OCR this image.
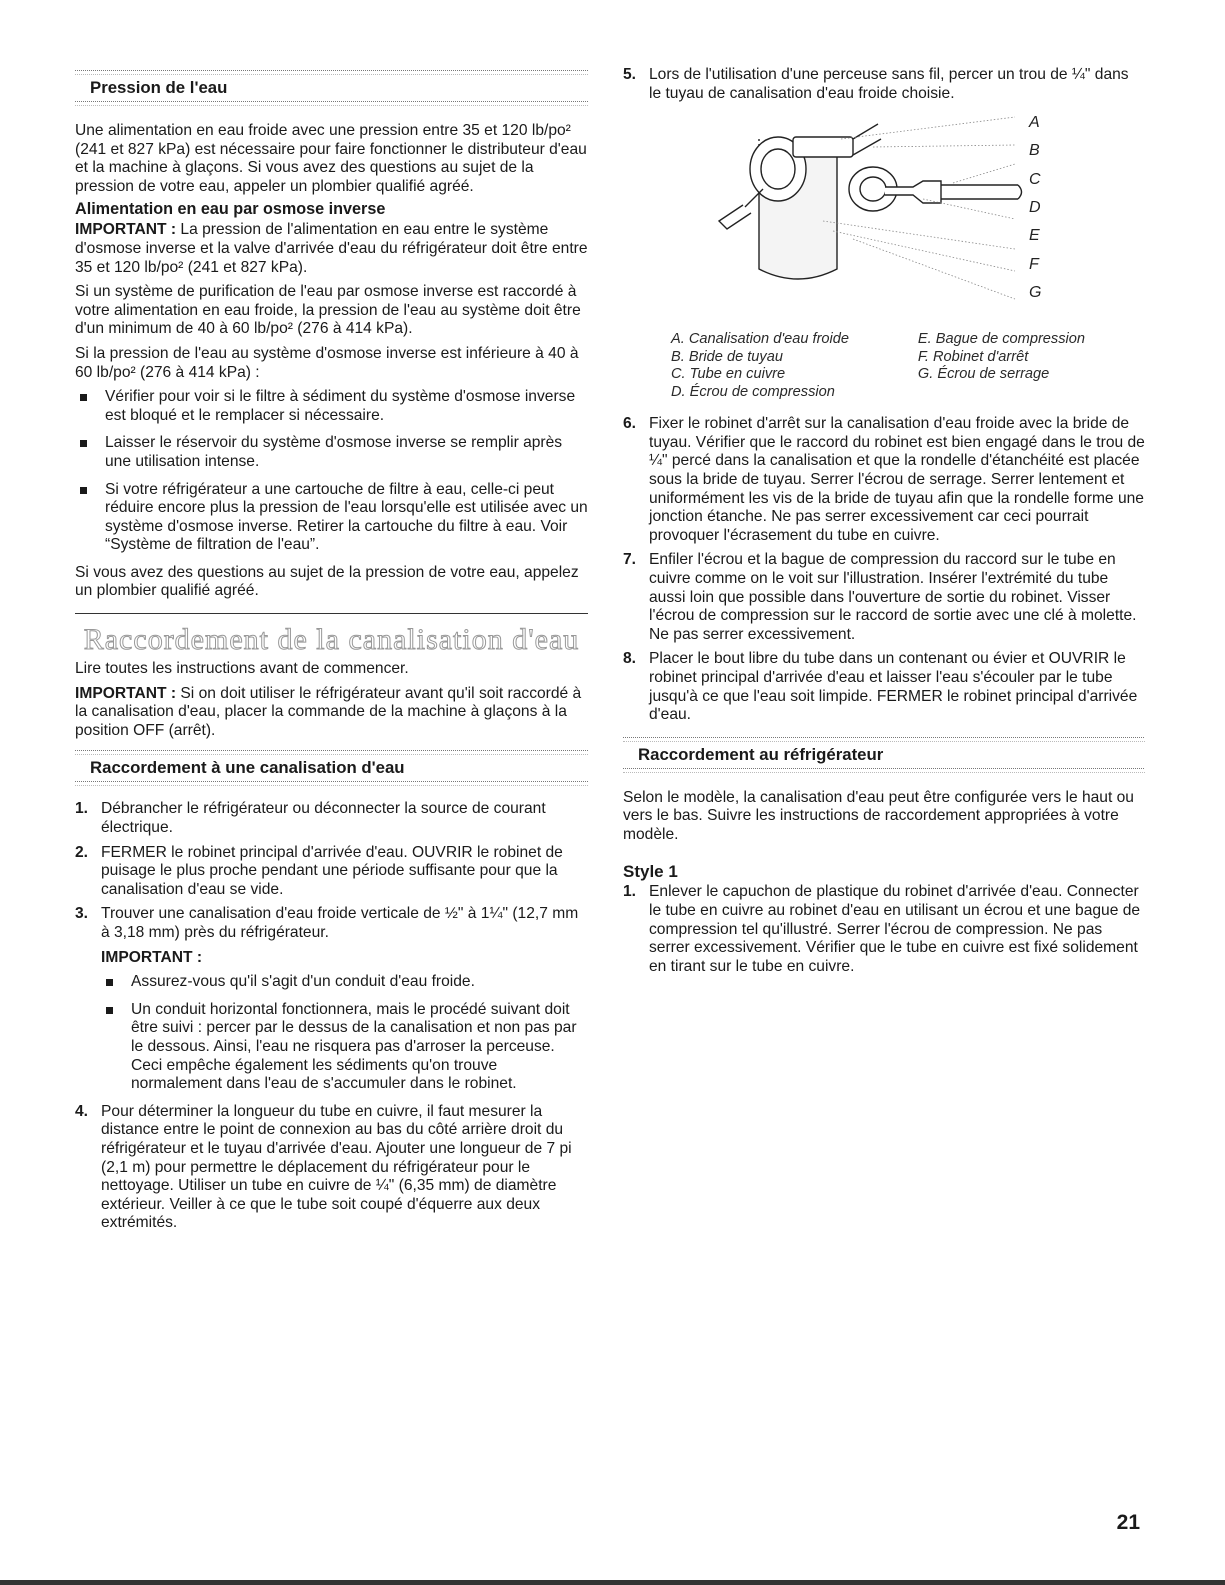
Pression de l'eau

Une alimentation en eau froide avec une pression entre 35 et 120 lb/po² (241 et 827 kPa) est nécessaire pour faire fonctionner le distributeur d'eau et la machine à glaçons. Si vous avez des questions au sujet de la pression de votre eau, appeler un plombier qualifié agréé.

Alimentation en eau par osmose inverse

IMPORTANT : La pression de l'alimentation en eau entre le système d'osmose inverse et la valve d'arrivée d'eau du réfrigérateur doit être entre 35 et 120 lb/po² (241 et 827 kPa).

Si un système de purification de l'eau par osmose inverse est raccordé à votre alimentation en eau froide, la pression de l'eau au système doit être d'un minimum de 40 à 60 lb/po² (276 à 414 kPa).

Si la pression de l'eau au système d'osmose inverse est inférieure à 40 à 60 lb/po² (276 à 414 kPa) :

Vérifier pour voir si le filtre à sédiment du système d'osmose inverse est bloqué et le remplacer si nécessaire.
Laisser le réservoir du système d'osmose inverse se remplir après une utilisation intense.
Si votre réfrigérateur a une cartouche de filtre à eau, celle-ci peut réduire encore plus la pression de l'eau lorsqu'elle est utilisée avec un système d'osmose inverse. Retirer la cartouche du filtre à eau. Voir “Système de filtration de l'eau”.

Si vous avez des questions au sujet de la pression de votre eau, appelez un plombier qualifié agréé.

Raccordement de la canalisation d'eau

Lire toutes les instructions avant de commencer.

IMPORTANT : Si on doit utiliser le réfrigérateur avant qu'il soit raccordé à la canalisation d'eau, placer la commande de la machine à glaçons à la position OFF (arrêt).

Raccordement à une canalisation d'eau
1. Débrancher le réfrigérateur ou déconnecter la source de courant électrique.
2. FERMER le robinet principal d'arrivée d'eau. OUVRIR le robinet de puisage le plus proche pendant une période suffisante pour que la canalisation d'eau se vide.
3. Trouver une canalisation d'eau froide verticale de ½" à 1¼" (12,7 mm à 3,18 mm) près du réfrigérateur.
IMPORTANT :
Assurez-vous qu'il s'agit d'un conduit d'eau froide.
Un conduit horizontal fonctionnera, mais le procédé suivant doit être suivi : percer par le dessus de la canalisation et non pas par le dessous. Ainsi, l'eau ne risquera pas d'arroser la perceuse. Ceci empêche également les sédiments qu'on trouve normalement dans l'eau de s'accumuler dans le robinet.
4. Pour déterminer la longueur du tube en cuivre, il faut mesurer la distance entre le point de connexion au bas du côté arrière droit du réfrigérateur et le tuyau d'arrivée d'eau. Ajouter une longueur de 7 pi (2,1 m) pour permettre le déplacement du réfrigérateur pour le nettoyage. Utiliser un tube en cuivre de ¼" (6,35 mm) de diamètre extérieur. Veiller à ce que le tube soit coupé d'équerre aux deux extrémités.
5. Lors de l'utilisation d'une perceuse sans fil, percer un trou de ¼" dans le tuyau de canalisation d'eau froide choisie.
A
B
C
D
E
F
G
A. Canalisation d'eau froide
B. Bride de tuyau
C. Tube en cuivre
D. Écrou de compression
E. Bague de compression
F. Robinet d'arrêt
G. Écrou de serrage
6. Fixer le robinet d'arrêt sur la canalisation d'eau froide avec la bride de tuyau. Vérifier que le raccord du robinet est bien engagé dans le trou de ¼" percé dans la canalisation et que la rondelle d'étanchéité est placée sous la bride de tuyau. Serrer l'écrou de serrage. Serrer lentement et uniformément les vis de la bride de tuyau afin que la rondelle forme une jonction étanche. Ne pas serrer excessivement car ceci pourrait provoquer l'écrasement du tube en cuivre.
7. Enfiler l'écrou et la bague de compression du raccord sur le tube en cuivre comme on le voit sur l'illustration. Insérer l'extrémité du tube aussi loin que possible dans l'ouverture de sortie du robinet. Visser l'écrou de compression sur le raccord de sortie avec une clé à molette. Ne pas serrer excessivement.
8. Placer le bout libre du tube dans un contenant ou évier et OUVRIR le robinet principal d'arrivée d'eau et laisser l'eau s'écouler par le tube jusqu'à ce que l'eau soit limpide. FERMER le robinet principal d'arrivée d'eau.
Raccordement au réfrigérateur

Selon le modèle, la canalisation d'eau peut être configurée vers le haut ou vers le bas. Suivre les instructions de raccordement appropriées à votre modèle.

Style 1
1. Enlever le capuchon de plastique du robinet d'arrivée d'eau. Connecter le tube en cuivre au robinet d'eau en utilisant un écrou et une bague de compression tel qu'illustré. Serrer l'écrou de compression. Ne pas serrer excessivement. Vérifier que le tube en cuivre est fixé solidement en tirant sur le tube en cuivre.
21
